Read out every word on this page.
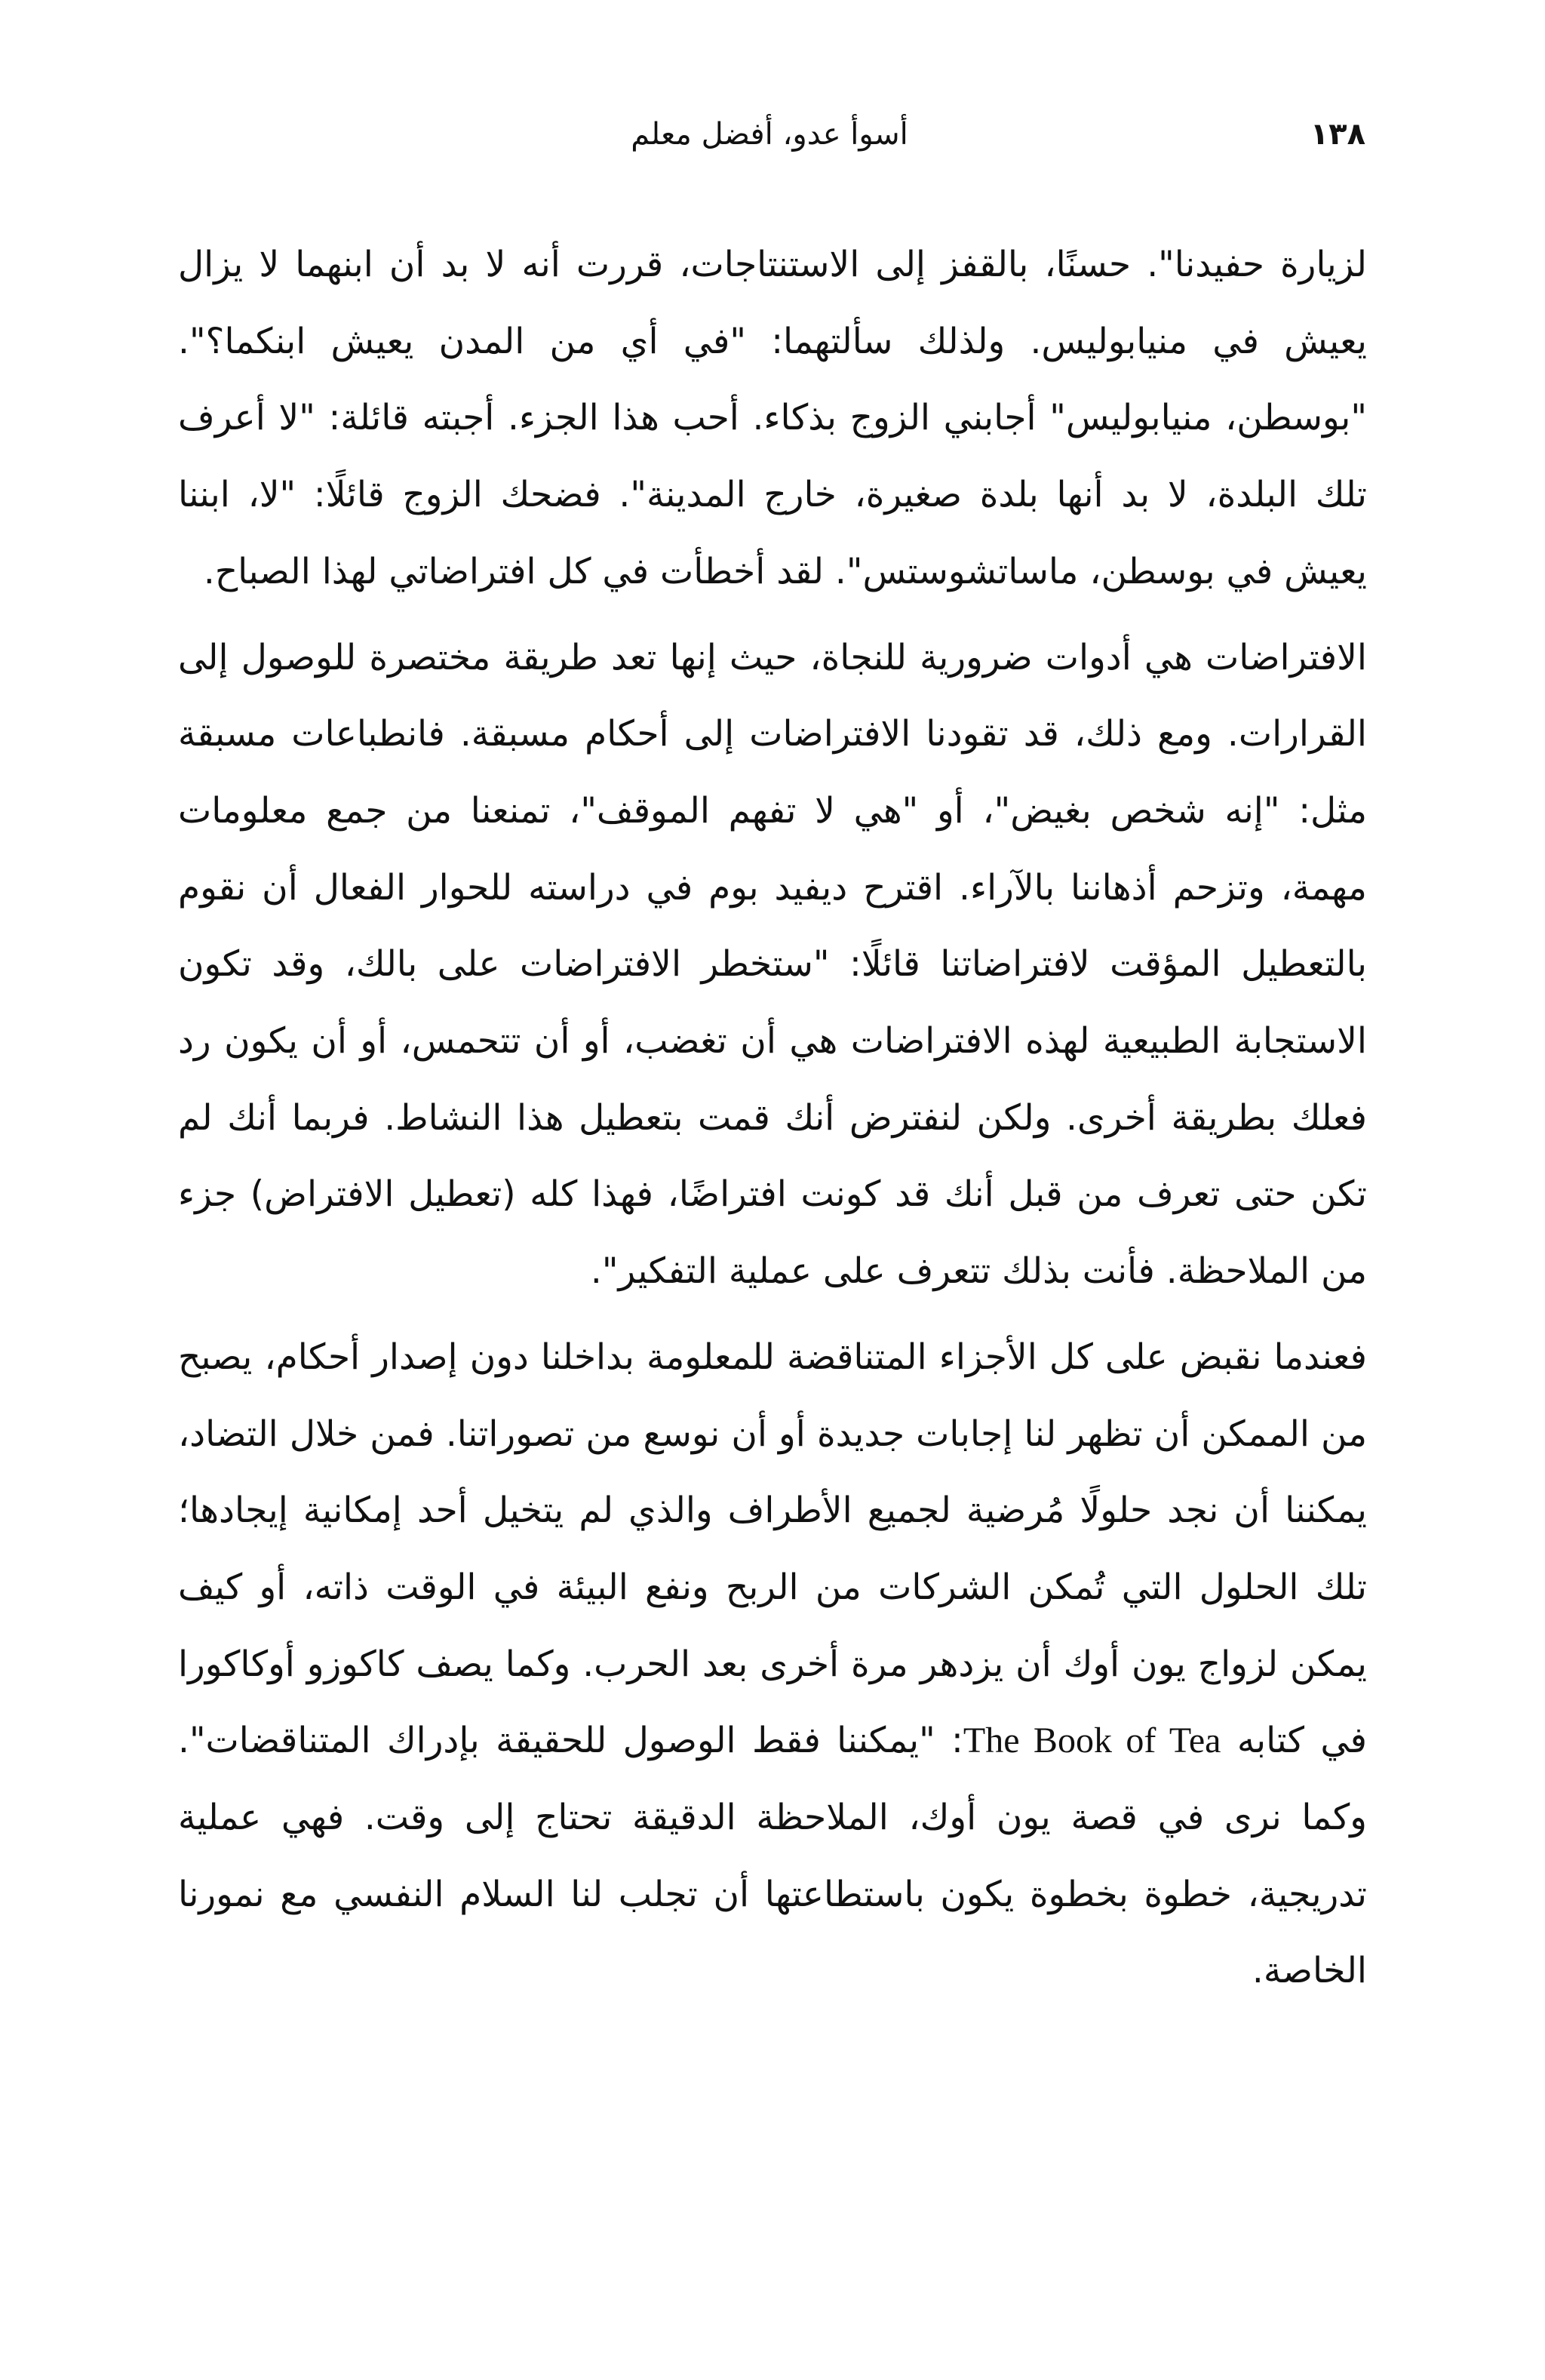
١٣٨
أسوأ عدو، أفضل معلم

لزيارة حفيدنا". حسنًا، بالقفز إلى الاستنتاجات، قررت أنه لا بد أن ابنهما لا يزال يعيش في منيابوليس. ولذلك سألتهما: "في أي من المدن يعيش ابنكما؟". "بوسطن، منيابوليس" أجابني الزوج بذكاء. أحب هذا الجزء. أجبته قائلة: "لا أعرف تلك البلدة، لا بد أنها بلدة صغيرة، خارج المدينة". فضحك الزوج قائلًا: "لا، ابننا يعيش في بوسطن، ماساتشوستس". لقد أخطأت في كل افتراضاتي لهذا الصباح.

الافتراضات هي أدوات ضرورية للنجاة، حيث إنها تعد طريقة مختصرة للوصول إلى القرارات. ومع ذلك، قد تقودنا الافتراضات إلى أحكام مسبقة. فانطباعات مسبقة مثل: "إنه شخص بغيض"، أو "هي لا تفهم الموقف"، تمنعنا من جمع معلومات مهمة، وتزحم أذهاننا بالآراء. اقترح ديفيد بوم في دراسته للحوار الفعال أن نقوم بالتعطيل المؤقت لافتراضاتنا قائلًا: "ستخطر الافتراضات على بالك، وقد تكون الاستجابة الطبيعية لهذه الافتراضات هي أن تغضب، أو أن تتحمس، أو أن يكون رد فعلك بطريقة أخرى. ولكن لنفترض أنك قمت بتعطيل هذا النشاط. فربما أنك لم تكن حتى تعرف من قبل أنك قد كونت افتراضًا، فهذا كله (تعطيل الافتراض) جزء من الملاحظة. فأنت بذلك تتعرف على عملية التفكير".

فعندما نقبض على كل الأجزاء المتناقضة للمعلومة بداخلنا دون إصدار أحكام، يصبح من الممكن أن تظهر لنا إجابات جديدة أو أن نوسع من تصوراتنا. فمن خلال التضاد، يمكننا أن نجد حلولًا مُرضية لجميع الأطراف والذي لم يتخيل أحد إمكانية إيجادها؛ تلك الحلول التي تُمكن الشركات من الربح ونفع البيئة في الوقت ذاته، أو كيف يمكن لزواج يون أوك أن يزدهر مرة أخرى بعد الحرب. وكما يصف كاكوزو أوكاكورا في كتابه The Book of Tea: "يمكننا فقط الوصول للحقيقة بإدراك المتناقضات". وكما نرى في قصة يون أوك، الملاحظة الدقيقة تحتاج إلى وقت. فهي عملية تدريجية، خطوة بخطوة يكون باستطاعتها أن تجلب لنا السلام النفسي مع نمورنا الخاصة.
